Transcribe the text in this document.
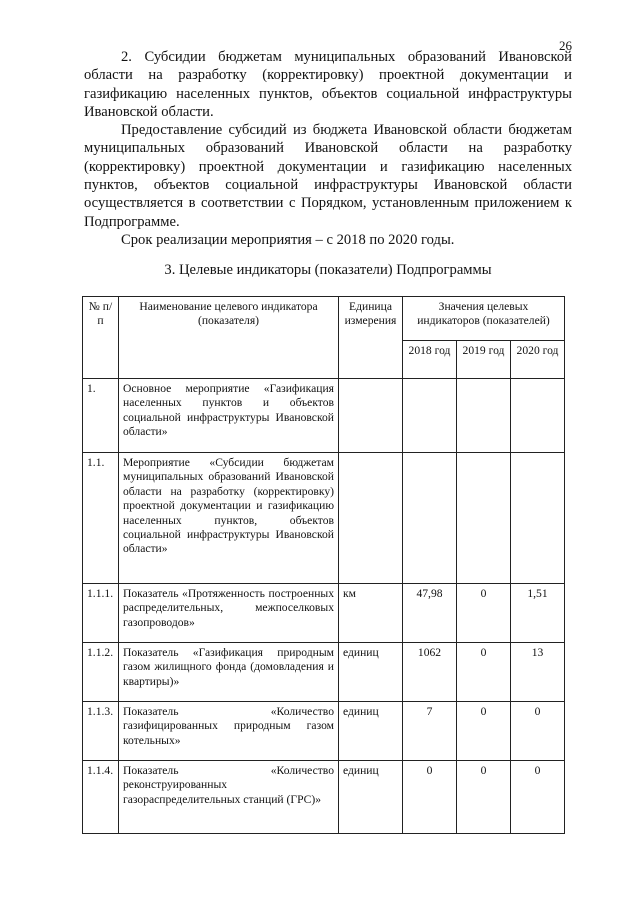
26

2. Субсидии бюджетам муниципальных образований Ивановской области на разработку (корректировку) проектной документации и газификацию населенных пунктов, объектов социальной инфраструктуры Ивановской области.

Предоставление субсидий из бюджета Ивановской области бюджетам муниципальных образований Ивановской области на разработку (корректировку) проектной документации и газификацию населенных пунктов, объектов социальной инфраструктуры Ивановской области осуществляется в соответствии с Порядком, установленным приложением к Подпрограмме.

Срок реализации мероприятия – с 2018 по 2020 годы.

3. Целевые индикаторы (показатели) Подпрограммы
№ п/п	Наименование целевого индикатора (показателя)	Единица измерения	Значения целевых индикаторов (показателей)		
			2018 год	2019 год	2020 год
1.	Основное мероприятие «Газификация населенных пунктов и объектов социальной инфраструктуры Ивановской области»				
1.1.	Мероприятие «Субсидии бюджетам муниципальных образований Ивановской области на разработку (корректировку) проектной документации и газификацию населенных пунктов, объектов социальной инфраструктуры Ивановской области»				
1.1.1.	Показатель «Протяженность построенных распределительных, межпоселковых газопроводов»	км	47,98	0	1,51
1.1.2.	Показатель «Газификация природным газом жилищного фонда (домовладения и квартиры)»	единиц	1062	0	13
1.1.3.	Показатель «Количество газифицированных природным газом котельных»	единиц	7	0	0
1.1.4.	Показатель «Количество реконструированных газораспределительных станций (ГРС)»	единиц	0	0	0
